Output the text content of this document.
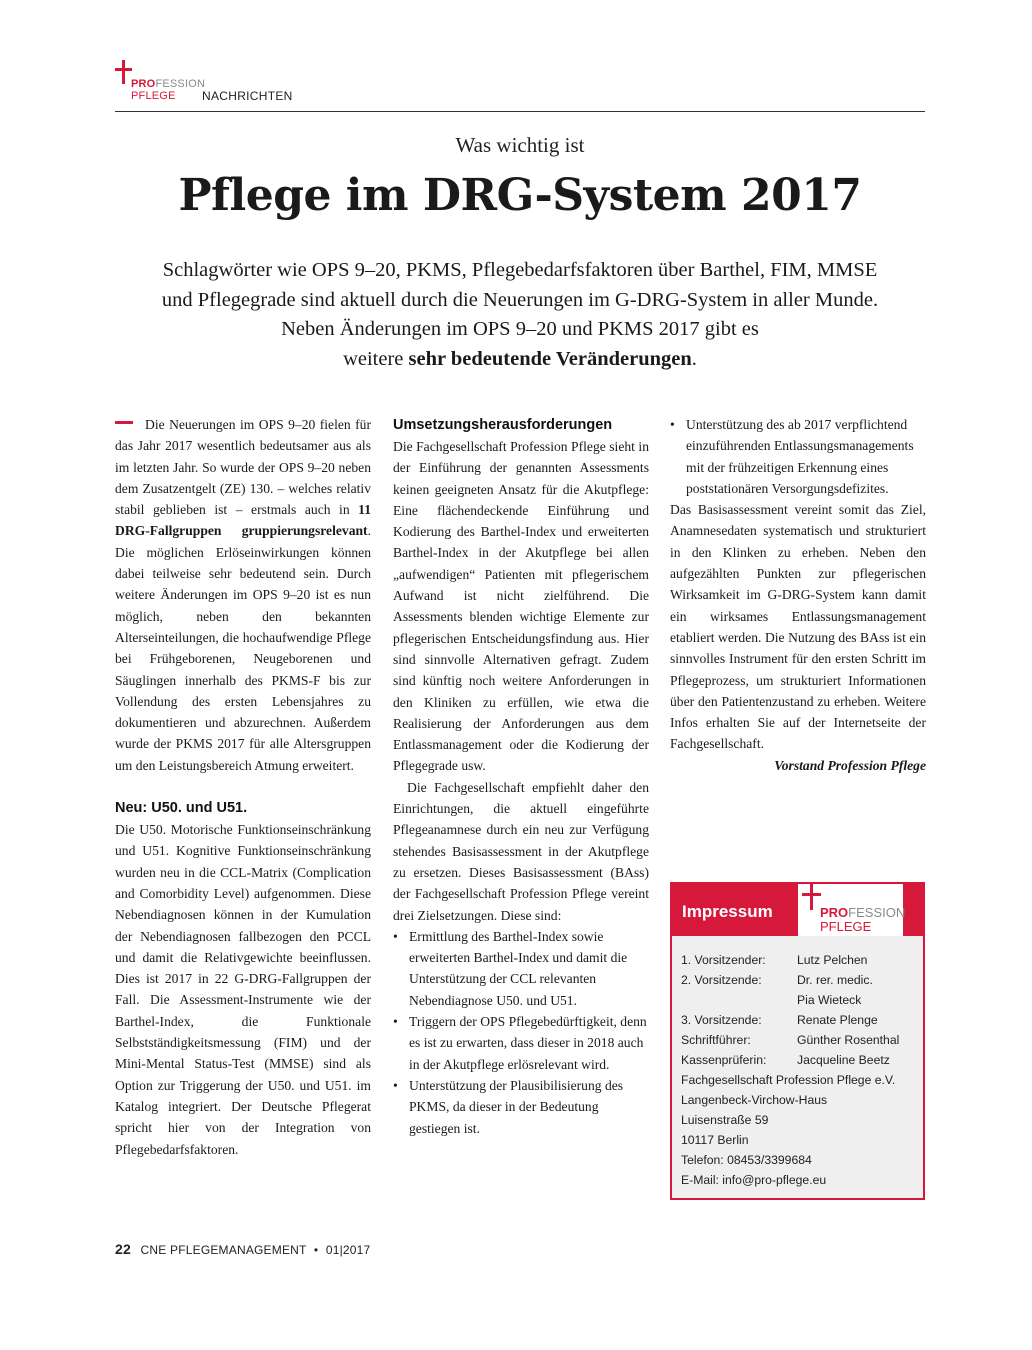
PROFESSION
PFLEGE	NACHRICHTEN
Was wichtig ist
Pflege im DRG-System 2017

Schlagwörter wie OPS 9–20, PKMS, Pflegebedarfsfaktoren über Barthel, FIM, MMSE

und Pflegegrade sind aktuell durch die Neuerungen im G-DRG-System in aller Munde.

Neben Änderungen im OPS 9–20 und PKMS 2017 gibt es

weitere sehr bedeutende Veränderungen.

Die Neuerungen im OPS 9–20 fielen für das Jahr 2017 wesentlich bedeutsamer aus als im letzten Jahr. So wurde der OPS 9–20 neben dem Zusatzentgelt (ZE) 130. – welches relativ stabil geblieben ist – erstmals auch in 11 DRG-Fallgruppen gruppierungsrelevant. Die möglichen Erlöseinwirkungen können dabei teilweise sehr bedeutend sein. Durch weitere Änderungen im OPS 9–20 ist es nun möglich, neben den bekannten Alterseinteilungen, die hochaufwendige Pflege bei Frühgeborenen, Neugeborenen und Säuglingen innerhalb des PKMS-F bis zur Vollendung des ersten Lebensjahres zu dokumentieren und abzurechnen. Außerdem wurde der PKMS 2017 für alle Altersgruppen um den Leistungsbereich Atmung erweitert.

Neu: U50. und U51.

Die U50. Motorische Funktionseinschränkung und U51. Kognitive Funktionseinschränkung wurden neu in die CCL-Matrix (Complication and Comorbidity Level) aufgenommen. Diese Nebendiagnosen können in der Kumulation der Nebendiagnosen fallbezogen den PCCL und damit die Relativgewichte beeinflussen. Dies ist 2017 in 22 G-DRG-Fallgruppen der Fall. Die Assessment-Instrumente wie der Barthel-Index, die Funktionale Selbstständigkeitsmessung (FIM) und der Mini-Mental Status-Test (MMSE) sind als Option zur Triggerung der U50. und U51. im Katalog integriert. Der Deutsche Pflegerat spricht hier von der Integration von Pflegebedarfsfaktoren.

Umsetzungsherausforderungen

Die Fachgesellschaft Profession Pflege sieht in der Einführung der genannten Assessments keinen geeigneten Ansatz für die Akutpflege: Eine flächendeckende Einführung und Kodierung des Barthel-Index und erweiterten Barthel-Index in der Akutpflege bei allen „aufwendigen“ Patienten mit pflegerischem Aufwand ist nicht zielführend. Die Assessments blenden wichtige Elemente zur pflegerischen Entscheidungsfindung aus. Hier sind sinnvolle Alternativen gefragt. Zudem sind künftig noch weitere Anforderungen in den Kliniken zu erfüllen, wie etwa die Realisierung der Anforderungen aus dem Entlassmanagement oder die Kodierung der Pflegegrade usw.

Die Fachgesellschaft empfiehlt daher den Einrichtungen, die aktuell eingeführte Pflegeanamnese durch ein neu zur Verfügung stehendes Basisassessment in der Akutpflege zu ersetzen. Dieses Basisassessment (BAss) der Fachgesellschaft Profession Pflege vereint drei Zielsetzungen. Diese sind:

• Ermittlung des Barthel-Index sowie erweiterten Barthel-Index und damit die Unterstützung der CCL relevanten Nebendiagnose U50. und U51.
• Triggern der OPS Pflegebedürftigkeit, denn es ist zu erwarten, dass dieser in 2018 auch in der Akutpflege erlösrelevant wird.
• Unterstützung der Plausibilisierung des PKMS, da dieser in der Bedeutung gestiegen ist.
• Unterstützung des ab 2017 verpflichtend einzuführenden Entlassungsmanagements mit der frühzeitigen Erkennung eines poststationären Versorgungsdefizites.

Das Basisassessment vereint somit das Ziel, Anamnesedaten systematisch und strukturiert in den Klinken zu erheben. Neben den aufgezählten Punkten zur pflegerischen Wirksamkeit im G-DRG-System kann damit ein wirksames Entlassungsmanagement etabliert werden. Die Nutzung des BAss ist ein sinnvolles Instrument für den ersten Schritt im Pflegeprozess, um strukturiert Informationen über den Patientenzustand zu erheben. Weitere Infos erhalten Sie auf der Internetseite der Fachgesellschaft.

Vorstand Profession Pflege

Impressum	PROFESSION
PFLEGE
1. Vorsitzender:	Lutz Pelchen
2. Vorsitzende:	Dr. rer. medic.
Pia Wieteck
3. Vorsitzende:	Renate Plenge
Schriftführer:	Günther Rosenthal
Kassenprüferin:	Jacqueline Beetz
Fachgesellschaft Profession Pflege e.V.
Langenbeck-Virchow-Haus
Luisenstraße 59
10117 Berlin
Telefon: 08453/3399684
E-Mail: info@pro-pflege.eu
22 CNE PFLEGEMANAGEMENT • 01|2017
